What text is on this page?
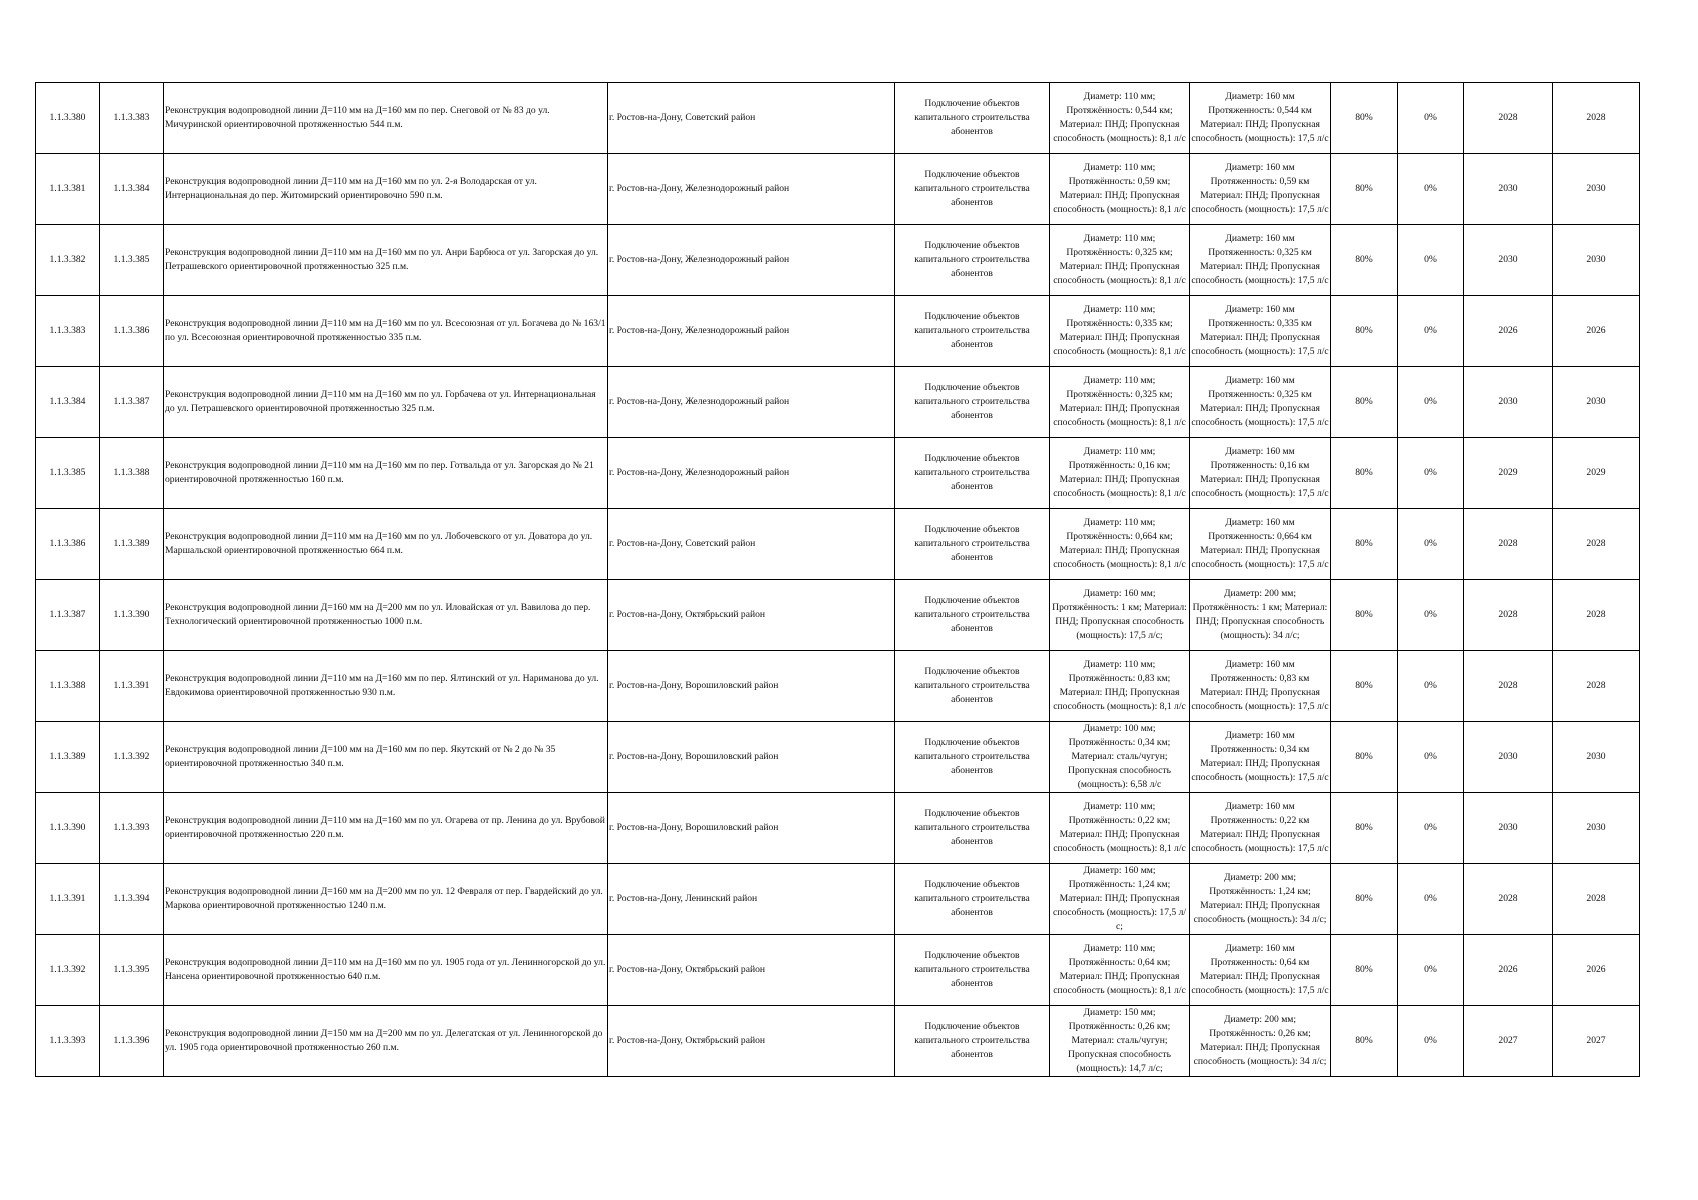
1.1.3.380	1.1.3.383	Реконструкция водопроводной линии Д=110 мм на Д=160 мм по пер. Снеговой от № 83 до ул. Мичуринской ориентировочной протяженностью 544 п.м.	г. Ростов-на-Дону, Советский район	Подключение объектов капитального строительства абонентов	Диаметр: 110 мм; Протяжённость: 0,544 км; Материал: ПНД; Пропускная способность (мощность): 8,1 л/с	Диаметр: 160 мм Протяженность: 0,544 км Материал: ПНД; Пропускная способность (мощность): 17,5 л/с	80%	0%	2028	2028
1.1.3.381	1.1.3.384	Реконструкция водопроводной линии Д=110 мм на Д=160 мм по ул. 2-я Володарская от ул. Интернациональная до пер. Житомирский ориентировочно 590 п.м.	г. Ростов-на-Дону, Железнодорожный район	Подключение объектов капитального строительства абонентов	Диаметр: 110 мм; Протяжённость: 0,59 км; Материал: ПНД; Пропускная способность (мощность): 8,1 л/с	Диаметр: 160 мм Протяженность: 0,59 км Материал: ПНД; Пропускная способность (мощность): 17,5 л/с	80%	0%	2030	2030
1.1.3.382	1.1.3.385	Реконструкция водопроводной линии Д=110 мм на Д=160 мм по ул. Анри Барбюса от ул. Загорская до ул. Петрашевского ориентировочной протяженностью 325 п.м.	г. Ростов-на-Дону, Железнодорожный район	Подключение объектов капитального строительства абонентов	Диаметр: 110 мм; Протяжённость: 0,325 км; Материал: ПНД; Пропускная способность (мощность): 8,1 л/с	Диаметр: 160 мм Протяженность: 0,325 км Материал: ПНД; Пропускная способность (мощность): 17,5 л/с	80%	0%	2030	2030
1.1.3.383	1.1.3.386	Реконструкция водопроводной линии Д=110 мм на Д=160 мм по ул. Всесоюзная от ул. Богачева до № 163/1 по ул. Всесоюзная ориентировочной протяженностью 335 п.м.	г. Ростов-на-Дону, Железнодорожный район	Подключение объектов капитального строительства абонентов	Диаметр: 110 мм; Протяжённость: 0,335 км; Материал: ПНД; Пропускная способность (мощность): 8,1 л/с	Диаметр: 160 мм Протяженность: 0,335 км Материал: ПНД; Пропускная способность (мощность): 17,5 л/с	80%	0%	2026	2026
1.1.3.384	1.1.3.387	Реконструкция водопроводной линии Д=110 мм на Д=160 мм по ул. Горбачева от ул. Интернациональная до ул. Петрашевского ориентировочной протяженностью 325 п.м.	г. Ростов-на-Дону, Железнодорожный район	Подключение объектов капитального строительства абонентов	Диаметр: 110 мм; Протяжённость: 0,325 км; Материал: ПНД; Пропускная способность (мощность): 8,1 л/с	Диаметр: 160 мм Протяженность: 0,325 км Материал: ПНД; Пропускная способность (мощность): 17,5 л/с	80%	0%	2030	2030
1.1.3.385	1.1.3.388	Реконструкция водопроводной линии Д=110 мм на Д=160 мм по пер. Готвальда от ул. Загорская до № 21 ориентировочной протяженностью 160 п.м.	г. Ростов-на-Дону, Железнодорожный район	Подключение объектов капитального строительства абонентов	Диаметр: 110 мм; Протяжённость: 0,16 км; Материал: ПНД; Пропускная способность (мощность): 8,1 л/с	Диаметр: 160 мм Протяженность: 0,16 км Материал: ПНД; Пропускная способность (мощность): 17,5 л/с	80%	0%	2029	2029
1.1.3.386	1.1.3.389	Реконструкция водопроводной линии Д=110 мм на Д=160 мм по ул. Лобочевского от ул. Доватора до ул. Маршальской ориентировочной протяженностью 664 п.м.	г. Ростов-на-Дону, Советский район	Подключение объектов капитального строительства абонентов	Диаметр: 110 мм; Протяжённость: 0,664 км; Материал: ПНД; Пропускная способность (мощность): 8,1 л/с	Диаметр: 160 мм Протяженность: 0,664 км Материал: ПНД; Пропускная способность (мощность): 17,5 л/с	80%	0%	2028	2028
1.1.3.387	1.1.3.390	Реконструкция водопроводной линии Д=160 мм на Д=200 мм по ул. Иловайская от ул. Вавилова до пер. Технологический ориентировочной протяженностью 1000 п.м.	г. Ростов-на-Дону, Октябрьский район	Подключение объектов капитального строительства абонентов	Диаметр: 160 мм; Протяжённость: 1 км; Материал: ПНД; Пропускная способность (мощность): 17,5 л/с;	Диаметр: 200 мм; Протяжённость: 1 км; Материал: ПНД; Пропускная способность (мощность): 34 л/с;	80%	0%	2028	2028
1.1.3.388	1.1.3.391	Реконструкция водопроводной линии Д=110 мм на Д=160 мм по пер. Ялтинский от ул. Нариманова до ул. Евдокимова ориентировочной протяженностью 930 п.м.	г. Ростов-на-Дону, Ворошиловский район	Подключение объектов капитального строительства абонентов	Диаметр: 110 мм; Протяжённость: 0,83 км; Материал: ПНД; Пропускная способность (мощность): 8,1 л/с	Диаметр: 160 мм Протяженность: 0,83 км Материал: ПНД; Пропускная способность (мощность): 17,5 л/с	80%	0%	2028	2028
1.1.3.389	1.1.3.392	Реконструкция водопроводной линии Д=100 мм на Д=160 мм по пер. Якутский от № 2 до № 35 ориентировочной протяженностью 340 п.м.	г. Ростов-на-Дону, Ворошиловский район	Подключение объектов капитального строительства абонентов	Диаметр: 100 мм; Протяжённость: 0,34 км; Материал: сталь/чугун; Пропускная способность (мощность): 6,58 л/с	Диаметр: 160 мм Протяженность: 0,34 км Материал: ПНД; Пропускная способность (мощность): 17,5 л/с	80%	0%	2030	2030
1.1.3.390	1.1.3.393	Реконструкция водопроводной линии Д=110 мм на Д=160 мм по ул. Огарева от пр. Ленина до ул. Врубовой ориентировочной протяженностью 220 п.м.	г. Ростов-на-Дону, Ворошиловский район	Подключение объектов капитального строительства абонентов	Диаметр: 110 мм; Протяжённость: 0,22 км; Материал: ПНД; Пропускная способность (мощность): 8,1 л/с	Диаметр: 160 мм Протяженность: 0,22 км Материал: ПНД; Пропускная способность (мощность): 17,5 л/с	80%	0%	2030	2030
1.1.3.391	1.1.3.394	Реконструкция водопроводной линии Д=160 мм на Д=200 мм по ул. 12 Февраля от пер. Гвардейский до ул. Маркова ориентировочной протяженностью 1240 п.м.	г. Ростов-на-Дону, Ленинский район	Подключение объектов капитального строительства абонентов	Диаметр: 160 мм; Протяжённость: 1,24 км; Материал: ПНД; Пропускная способность (мощность): 17,5 л/с;	Диаметр: 200 мм; Протяжённость: 1,24 км; Материал: ПНД; Пропускная способность (мощность): 34 л/с;	80%	0%	2028	2028
1.1.3.392	1.1.3.395	Реконструкция водопроводной линии Д=110 мм на Д=160 мм по ул. 1905 года от ул. Ленинногорской до ул. Нансена ориентировочной протяженностью 640 п.м.	г. Ростов-на-Дону, Октябрьский район	Подключение объектов капитального строительства абонентов	Диаметр: 110 мм; Протяжённость: 0,64 км; Материал: ПНД; Пропускная способность (мощность): 8,1 л/с	Диаметр: 160 мм Протяженность: 0,64 км Материал: ПНД; Пропускная способность (мощность): 17,5 л/с	80%	0%	2026	2026
1.1.3.393	1.1.3.396	Реконструкция водопроводной линии Д=150 мм на Д=200 мм по ул. Делегатская от ул. Ленинногорской до ул. 1905 года ориентировочной протяженностью 260 п.м.	г. Ростов-на-Дону, Октябрьский район	Подключение объектов капитального строительства абонентов	Диаметр: 150 мм; Протяжённость: 0,26 км; Материал: сталь/чугун; Пропускная способность (мощность): 14,7 л/с;	Диаметр: 200 мм; Протяжённость: 0,26 км; Материал: ПНД; Пропускная способность (мощность): 34 л/с;	80%	0%	2027	2027
